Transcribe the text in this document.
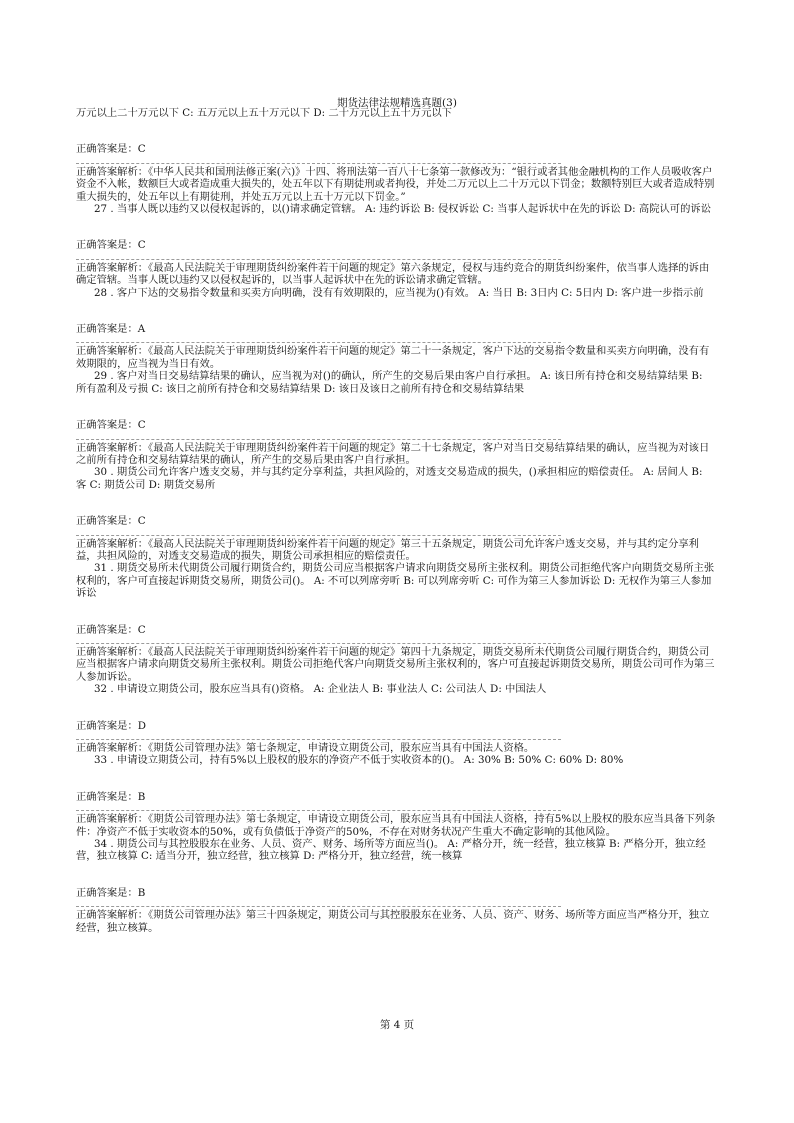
期货法律法规精选真题(3)
万元以上二十万元以下 C: 五万元以上五十万元以下 D: 二十万元以上五十万元以下
正确答案是：C
正确答案解析：《中华人民共和国刑法修正案(六)》十四、将刑法第一百八十七条第一款修改为：“银行或者其他金融机构的工作人员吸收客户资金不入帐，数额巨大或者造成重大损失的，处五年以下有期徒刑或者拘役，并处二万元以上二十万元以下罚金；数额特别巨大或者造成特别重大损失的，处五年以上有期徒刑，并处五万元以上五十万元以下罚金。”
27 . 当事人既以违约又以侵权起诉的，以()请求确定管辖。 A: 违约诉讼 B: 侵权诉讼 C: 当事人起诉状中在先的诉讼 D: 高院认可的诉讼
正确答案是：C
正确答案解析：《最高人民法院关于审理期货纠纷案件若干问题的规定》第六条规定，侵权与违约竞合的期货纠纷案件，依当事人选择的诉由确定管辖。当事人既以违约又以侵权起诉的，以当事人起诉状中在先的诉讼请求确定管辖。
28 . 客户下达的交易指令数量和买卖方向明确，没有有效期限的，应当视为()有效。 A: 当日 B: 3日内 C: 5日内 D: 客户进一步指示前
正确答案是：A
正确答案解析：《最高人民法院关于审理期货纠纷案件若干问题的规定》第二十一条规定，客户下达的交易指令数量和买卖方向明确，没有有效期限的，应当视为当日有效。
29 . 客户对当日交易结算结果的确认，应当视为对()的确认，所产生的交易后果由客户自行承担。 A: 该日所有持仓和交易结算结果 B: 所有盈利及亏损 C: 该日之前所有持仓和交易结算结果 D: 该日及该日之前所有持仓和交易结算结果
正确答案是：C
正确答案解析：《最高人民法院关于审理期货纠纷案件若干问题的规定》第二十七条规定，客户对当日交易结算结果的确认，应当视为对该日之前所有持仓和交易结算结果的确认，所产生的交易后果由客户自行承担。
30 . 期货公司允许客户透支交易，并与其约定分享利益，共担风险的，对透支交易造成的损失，()承担相应的赔偿责任。 A: 居间人 B: 客 C: 期货公司 D: 期货交易所
正确答案是：C
正确答案解析：《最高人民法院关于审理期货纠纷案件若干问题的规定》第三十五条规定，期货公司允许客户透支交易，并与其约定分享利益，共担风险的，对透支交易造成的损失，期货公司承担相应的赔偿责任。
31 . 期货交易所未代期货公司履行期货合约，期货公司应当根据客户请求向期货交易所主张权利。期货公司拒绝代客户向期货交易所主张权利的，客户可直接起诉期货交易所，期货公司()。 A: 不可以列席旁听 B: 可以列席旁听 C: 可作为第三人参加诉讼 D: 无权作为第三人参加诉讼
正确答案是：C
正确答案解析：《最高人民法院关于审理期货纠纷案件若干问题的规定》第四十九条规定，期货交易所未代期货公司履行期货合约，期货公司应当根据客户请求向期货交易所主张权利。期货公司拒绝代客户向期货交易所主张权利的，客户可直接起诉期货交易所，期货公司可作为第三人参加诉讼。
32 . 申请设立期货公司，股东应当具有()资格。 A: 企业法人 B: 事业法人 C: 公司法人 D: 中国法人
正确答案是：D
正确答案解析：《期货公司管理办法》第七条规定，申请设立期货公司，股东应当具有中国法人资格。
33 . 申请设立期货公司，持有5%以上股权的股东的净资产不低于实收资本的()。 A: 30% B: 50% C: 60% D: 80%
正确答案是：B
正确答案解析：《期货公司管理办法》第七条规定，申请设立期货公司，股东应当具有中国法人资格，持有5%以上股权的股东应当具备下列条件：净资产不低于实收资本的50%，或有负债低于净资产的50%，不存在对财务状况产生重大不确定影响的其他风险。
34 . 期货公司与其控股股东在业务、人员、资产、财务、场所等方面应当()。 A: 严格分开，统一经营，独立核算 B: 严格分开，独立经营，独立核算 C: 适当分开，独立经营，独立核算 D: 严格分开，独立经营，统一核算
正确答案是：B
正确答案解析：《期货公司管理办法》第三十四条规定，期货公司与其控股股东在业务、人员、资产、财务、场所等方面应当严格分开，独立经营，独立核算。
第 4 页
